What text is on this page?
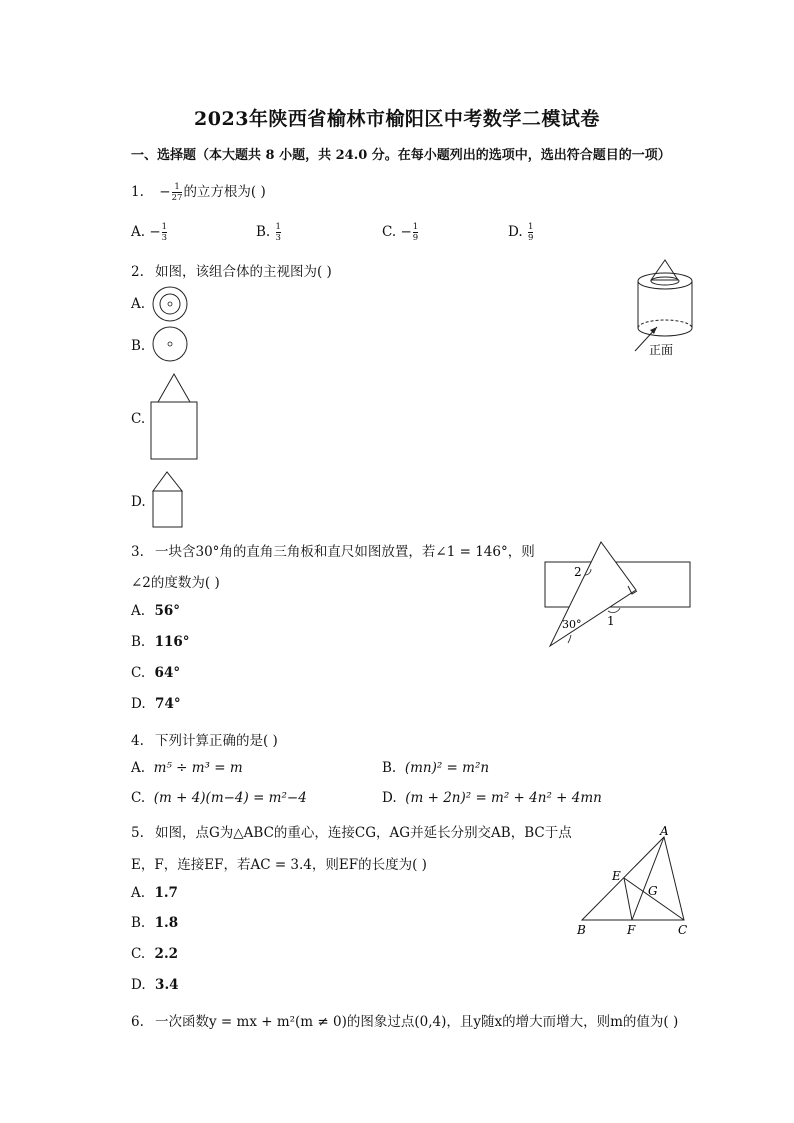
2023年陕西省榆林市榆阳区中考数学二模试卷
一、选择题（本大题共 8 小题，共 24.0 分。在每小题列出的选项中，选出符合题目的一项）
1. − $\frac{1}{27}$ 的立方根为( )
A. − $\frac{1}{3}$	B. $\frac{1}{3}$	C. − $\frac{1}{9}$	D. $\frac{1}{9}$
2. 如图，该组合体的主视图为( )
A.
B.
C.
D.
正面
3. 一块含30°角的直角三角板和直尺如图放置，若∠1 = 146°，则
∠2的度数为( )
A. 56°
B. 116°
C. 64°
D. 74°
2
1
30°
4. 下列计算正确的是( )
A. m⁵ ÷ m³ = m	B. (mn)² = m²n
C. (m + 4)(m−4) = m²−4	D. (m + 2n)² = m² + 4n² + 4mn
5. 如图，点G为△ABC的重心，连接CG，AG并延长分别交AB，BC于点
E，F，连接EF，若AC = 3.4，则EF的长度为( )
A. 1.7
B. 1.8
C. 2.2
D. 3.4
A
B	C
E
F
G
6. 一次函数y = mx + m²(m ≠ 0)的图象过点(0,4)，且y随x的增大而增大，则m的值为( )
